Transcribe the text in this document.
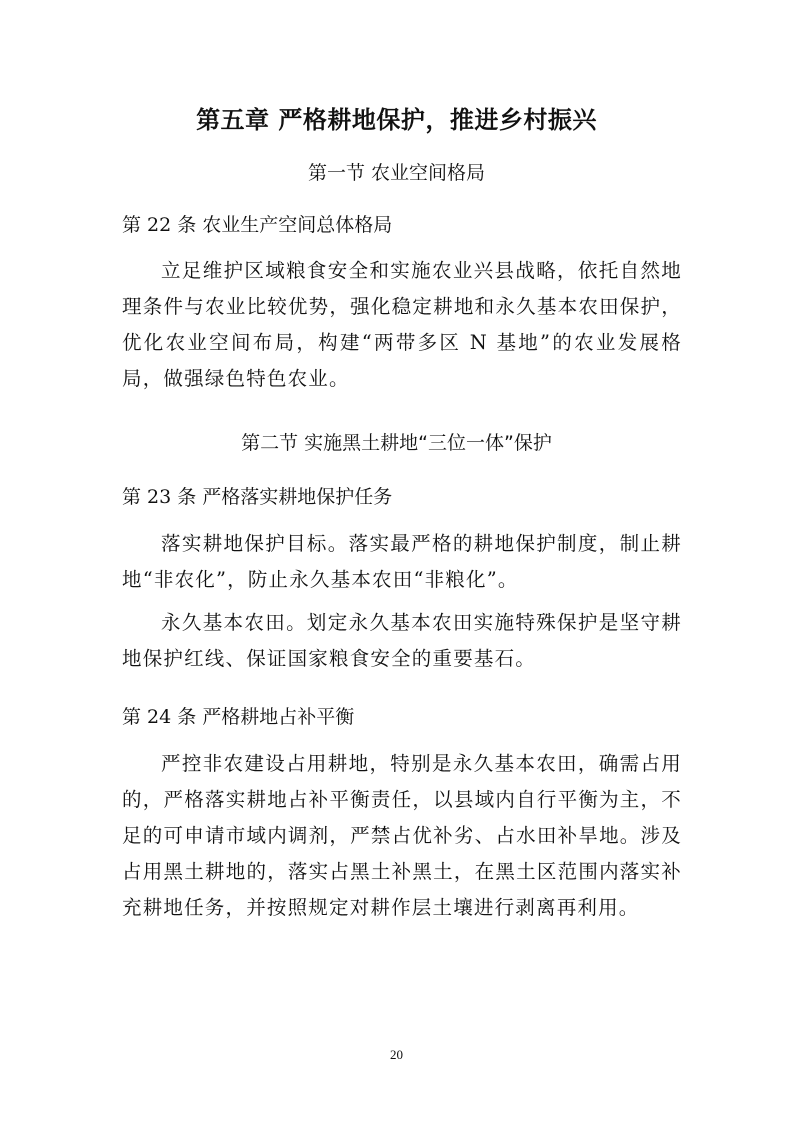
第五章 严格耕地保护，推进乡村振兴
第一节 农业空间格局
第 22 条 农业生产空间总体格局
立足维护区域粮食安全和实施农业兴县战略，依托自然地理条件与农业比较优势，强化稳定耕地和永久基本农田保护，优化农业空间布局，构建“两带多区 N 基地”的农业发展格局，做强绿色特色农业。
第二节 实施黑土耕地“三位一体”保护
第 23 条 严格落实耕地保护任务
落实耕地保护目标。落实最严格的耕地保护制度，制止耕地“非农化”，防止永久基本农田“非粮化”。
永久基本农田。划定永久基本农田实施特殊保护是坚守耕地保护红线、保证国家粮食安全的重要基石。
第 24 条 严格耕地占补平衡
严控非农建设占用耕地，特别是永久基本农田，确需占用的，严格落实耕地占补平衡责任，以县域内自行平衡为主，不足的可申请市域内调剂，严禁占优补劣、占水田补旱地。涉及占用黑土耕地的，落实占黑土补黑土，在黑土区范围内落实补充耕地任务，并按照规定对耕作层土壤进行剥离再利用。
20
